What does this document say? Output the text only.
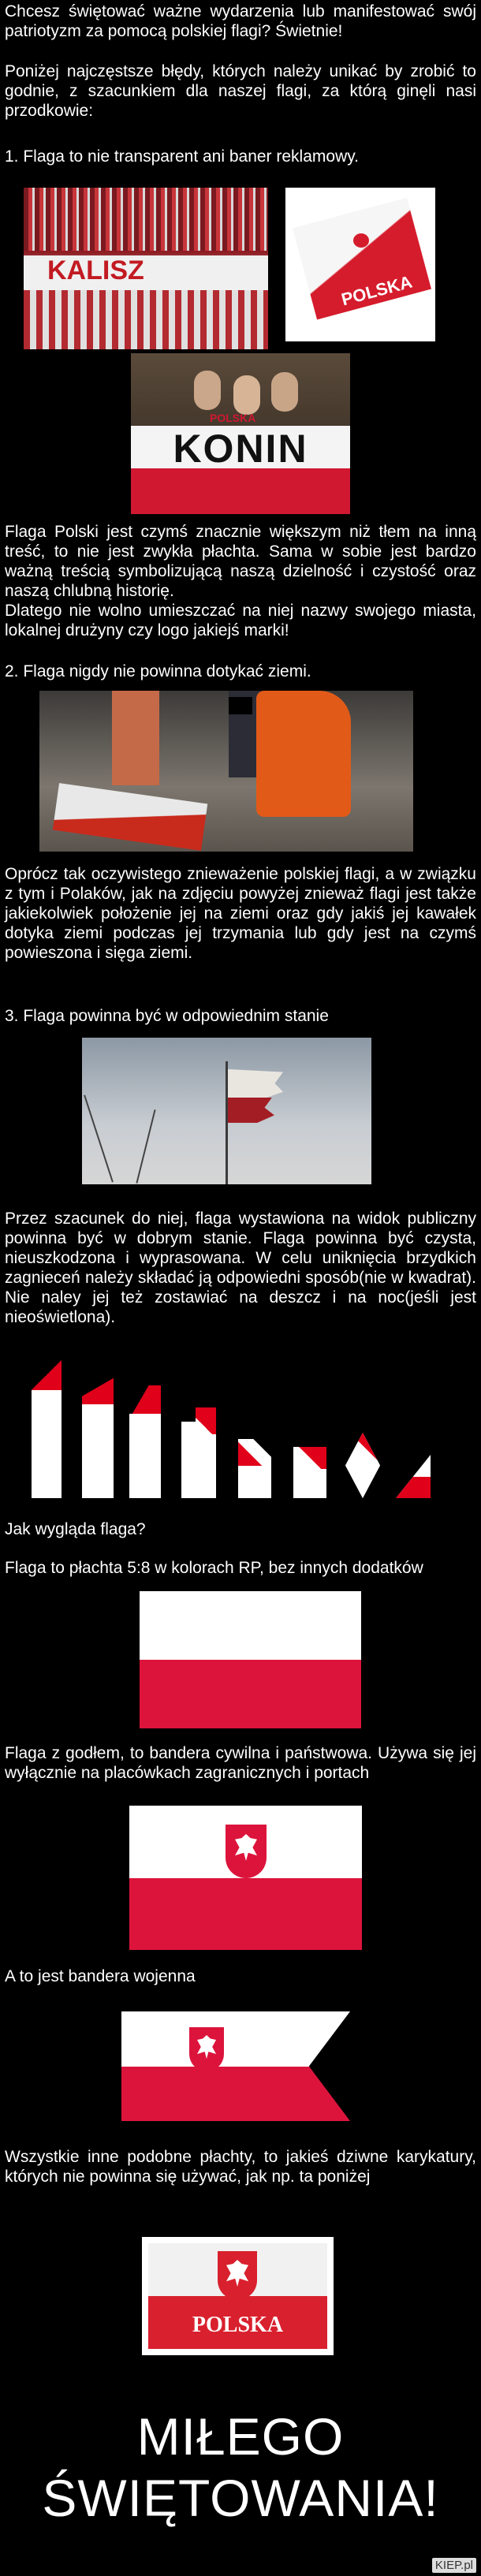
Chcesz świętować ważne wydarzenia lub manifestować swój patriotyzm za pomocą polskiej flagi? Świetnie!
Poniżej najczęstsze błędy, których należy unikać by zrobić to godnie, z szacunkiem dla naszej flagi, za którą ginęli nasi przodkowie:
1. Flaga to nie transparent ani baner reklamowy.
KALISZ
POLSKA
KONIN
POLSKA
Flaga Polski jest czymś znacznie większym niż tłem na inną treść, to nie jest zwykła płachta. Sama w sobie jest bardzo ważną treścią symbolizującą naszą dzielność i czystość oraz naszą chlubną historię.
Dlatego nie wolno umieszczać na niej nazwy swojego miasta, lokalnej drużyny czy logo jakiejś marki!
2. Flaga nigdy nie powinna dotykać ziemi.
Oprócz tak oczywistego znieważenie polskiej flagi, a w związku z tym i Polaków, jak na zdjęciu powyżej znieważ flagi jest także jakiekolwiek położenie jej na ziemi oraz gdy jakiś jej kawałek dotyka ziemi podczas jej trzymania lub gdy jest na czymś powieszona i sięga ziemi.
3. Flaga powinna być w odpowiednim stanie
Przez szacunek do niej, flaga wystawiona na widok publiczny powinna być w dobrym stanie. Flaga powinna być czysta, nieuszkodzona i wyprasowana. W celu uniknięcia brzydkich zagnieceń należy składać ją odpowiedni sposób(nie w kwadrat). Nie naley jej też zostawiać na deszcz i na noc(jeśli jest nieoświetlona).
Jak wygląda flaga?
Flaga to płachta 5:8 w kolorach RP, bez innych dodatków
Flaga z godłem, to bandera cywilna i państwowa. Używa się jej wyłącznie na placówkach zagranicznych i portach
A to jest bandera wojenna
Wszystkie inne podobne płachty, to jakieś dziwne karykatury, których nie powinna się używać, jak np. ta poniżej
POLSKA
MIŁEGO
ŚWIĘTOWANIA!
KIEP.pl
